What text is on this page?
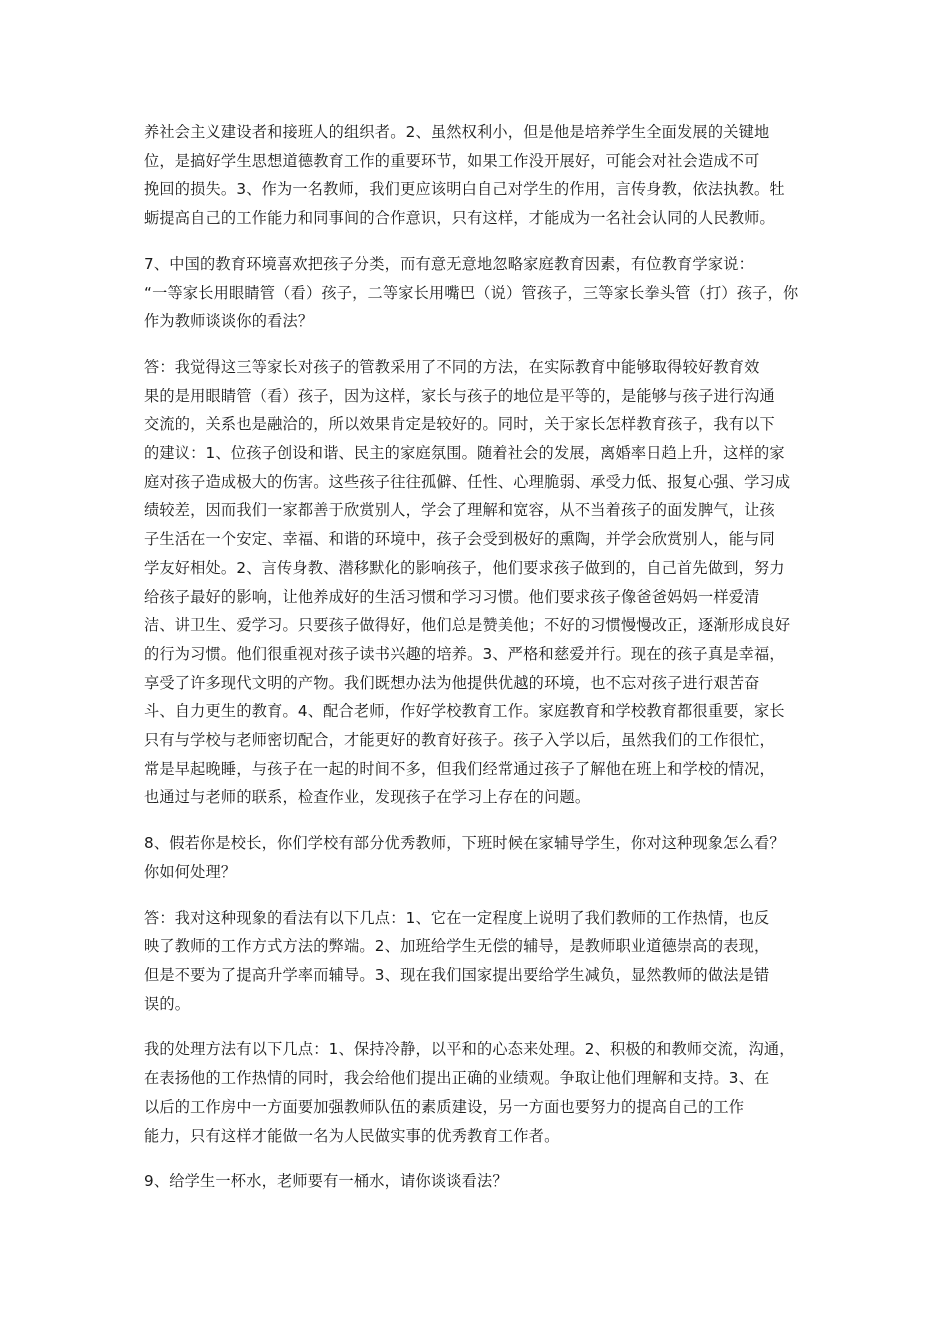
养社会主义建设者和接班人的组织者。2、虽然权利小，但是他是培养学生全面发展的关键地
位，是搞好学生思想道德教育工作的重要环节，如果工作没开展好，可能会对社会造成不可
挽回的损失。3、作为一名教师，我们更应该明白自己对学生的作用，言传身教，依法执教。牡
蛎提高自己的工作能力和同事间的合作意识，只有这样，才能成为一名社会认同的人民教师。

7、中国的教育环境喜欢把孩子分类，而有意无意地忽略家庭教育因素，有位教育学家说：
“一等家长用眼睛管（看）孩子，二等家长用嘴巴（说）管孩子，三等家长拳头管（打）孩子，你
作为教师谈谈你的看法？

答：我觉得这三等家长对孩子的管教采用了不同的方法，在实际教育中能够取得较好教育效
果的是用眼睛管（看）孩子，因为这样，家长与孩子的地位是平等的，是能够与孩子进行沟通
交流的，关系也是融洽的，所以效果肯定是较好的。同时，关于家长怎样教育孩子，我有以下
的建议：1、位孩子创设和谐、民主的家庭氛围。随着社会的发展，离婚率日趋上升，这样的家
庭对孩子造成极大的伤害。这些孩子往往孤僻、任性、心理脆弱、承受力低、报复心强、学习成
绩较差，因而我们一家都善于欣赏别人，学会了理解和宽容，从不当着孩子的面发脾气，让孩
子生活在一个安定、幸福、和谐的环境中，孩子会受到极好的熏陶，并学会欣赏别人，能与同
学友好相处。2、言传身教、潜移默化的影响孩子，他们要求孩子做到的，自己首先做到，努力
给孩子最好的影响，让他养成好的生活习惯和学习习惯。他们要求孩子像爸爸妈妈一样爱清
洁、讲卫生、爱学习。只要孩子做得好，他们总是赞美他；不好的习惯慢慢改正，逐渐形成良好
的行为习惯。他们很重视对孩子读书兴趣的培养。3、严格和慈爱并行。现在的孩子真是幸福，
享受了许多现代文明的产物。我们既想办法为他提供优越的环境，也不忘对孩子进行艰苦奋
斗、自力更生的教育。4、配合老师，作好学校教育工作。家庭教育和学校教育都很重要，家长
只有与学校与老师密切配合，才能更好的教育好孩子。孩子入学以后，虽然我们的工作很忙，
常是早起晚睡，与孩子在一起的时间不多，但我们经常通过孩子了解他在班上和学校的情况，
也通过与老师的联系，检查作业，发现孩子在学习上存在的问题。

8、假若你是校长，你们学校有部分优秀教师，下班时候在家辅导学生，你对这种现象怎么看？
你如何处理？

答：我对这种现象的看法有以下几点：1、它在一定程度上说明了我们教师的工作热情，也反
映了教师的工作方式方法的弊端。2、加班给学生无偿的辅导，是教师职业道德崇高的表现，
但是不要为了提高升学率而辅导。3、现在我们国家提出要给学生减负，显然教师的做法是错
误的。

我的处理方法有以下几点：1、保持冷静，以平和的心态来处理。2、积极的和教师交流，沟通，
在表扬他的工作热情的同时，我会给他们提出正确的业绩观。争取让他们理解和支持。3、在
以后的工作房中一方面要加强教师队伍的素质建设，另一方面也要努力的提高自己的工作
能力，只有这样才能做一名为人民做实事的优秀教育工作者。

9、给学生一杯水，老师要有一桶水，请你谈谈看法？
